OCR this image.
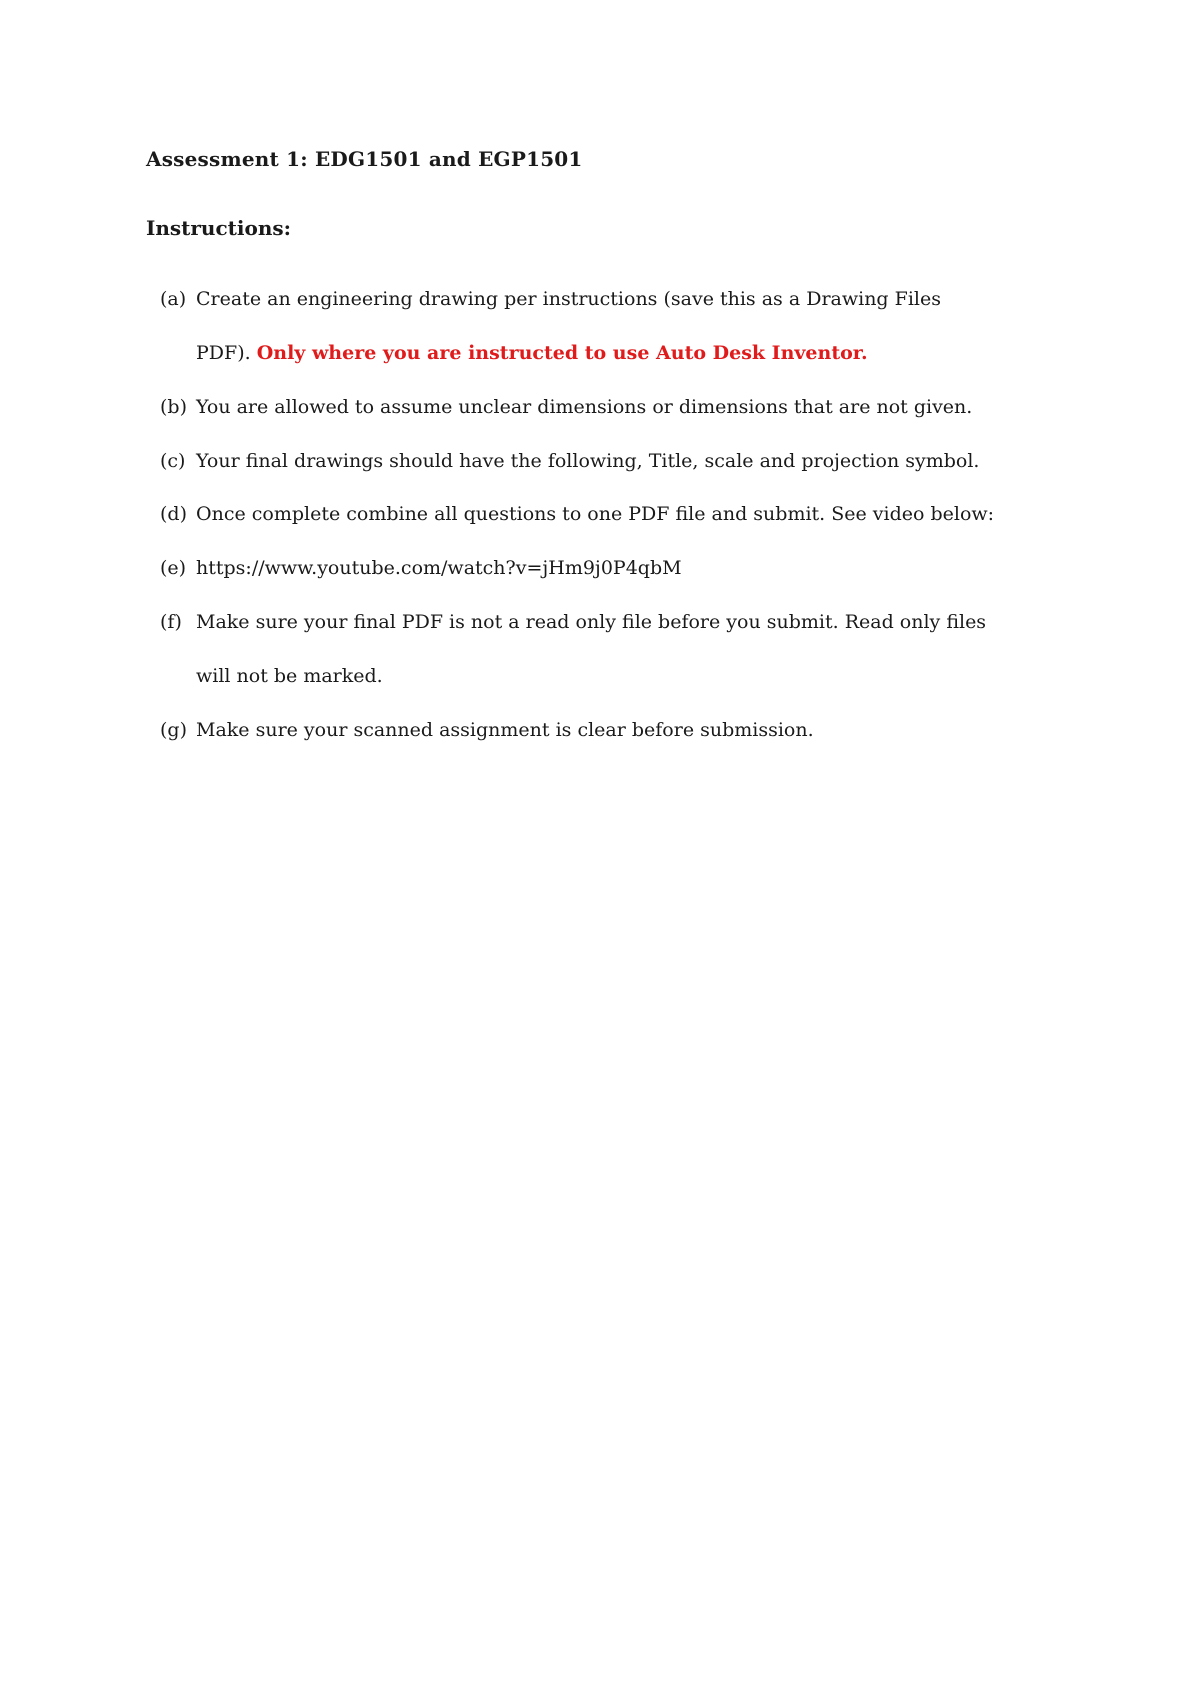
Assessment 1: EDG1501 and EGP1501

Instructions:

(a) Create an engineering drawing per instructions (save this as a Drawing Files
PDF). Only where you are instructed to use Auto Desk Inventor.
(b) You are allowed to assume unclear dimensions or dimensions that are not given.
(c) Your final drawings should have the following, Title, scale and projection symbol.
(d) Once complete combine all questions to one PDF file and submit. See video below:
(e) https://www.youtube.com/watch?v=jHm9j0P4qbM
(f) Make sure your final PDF is not a read only file before you submit. Read only files
will not be marked.
(g) Make sure your scanned assignment is clear before submission.
